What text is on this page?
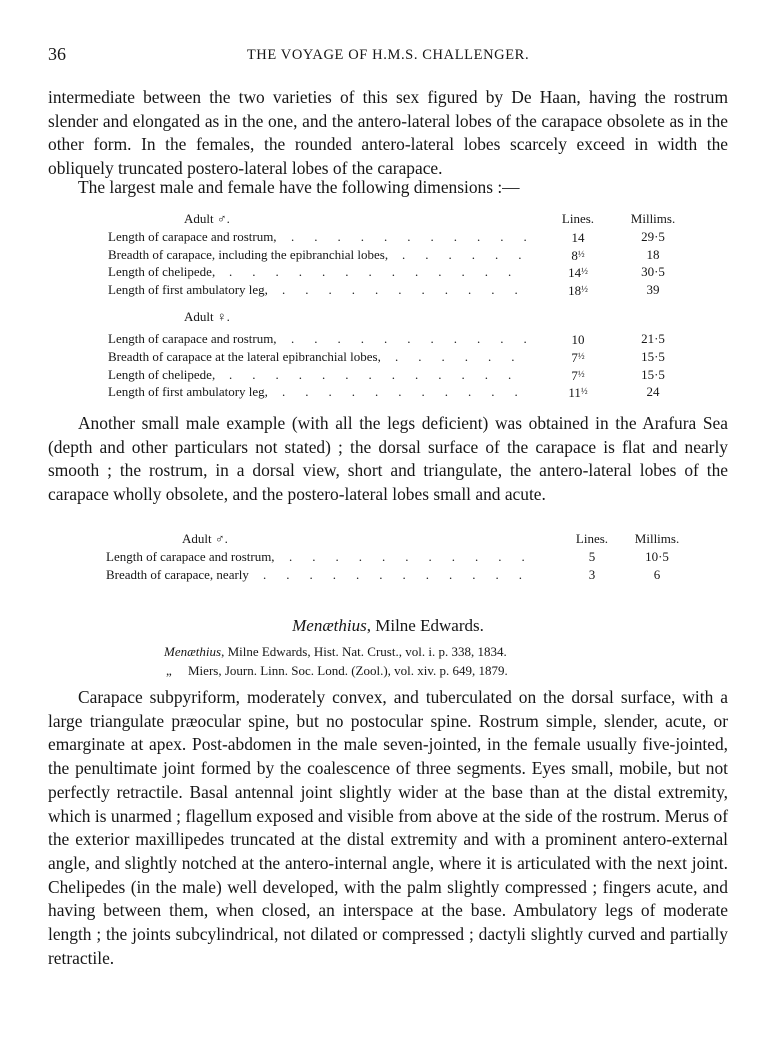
36	THE VOYAGE OF H.M.S. CHALLENGER.

intermediate between the two varieties of this sex figured by De Haan, having the rostrum slender and elongated as in the one, and the antero-lateral lobes of the carapace obsolete as in the other form. In the females, the rounded antero-lateral lobes scarcely exceed in width the obliquely truncated postero-lateral lobes of the carapace.

The largest male and female have the following dimensions :—

Adult ♂.	Lines.	Millims.
Length of carapace and rostrum, ...........	14	29·5
Breadth of carapace, including the epibranchial lobes, ......	$8^{\frac{1}{2}}$	18
Length of chelipede, .............	$14^{\frac{1}{2}}$	30·5
Length of first ambulatory leg, ...........	$18^{\frac{1}{2}}$	39
Adult ♀.
Length of carapace and rostrum, ...........	10	21·5
Breadth of carapace at the lateral epibranchial lobes, ......	$7^{\frac{1}{2}}$	15·5
Length of chelipede, .............	$7^{\frac{1}{2}}$	15·5
Length of first ambulatory leg, ...........	$11^{\frac{1}{2}}$	24

Another small male example (with all the legs deficient) was obtained in the Arafura Sea (depth and other particulars not stated) ; the dorsal surface of the carapace is flat and nearly smooth ; the rostrum, in a dorsal view, short and triangulate, the antero-lateral lobes of the carapace wholly obsolete, and the postero-lateral lobes small and acute.

Adult ♂.	Lines.	Millims.
Length of carapace and rostrum, ...........	5	10·5
Breadth of carapace, nearly ............	3	6
Menæthius, Milne Edwards.
Menæthius, Milne Edwards, Hist. Nat. Crust., vol. i. p. 338, 1834.
„ Miers, Journ. Linn. Soc. Lond. (Zool.), vol. xiv. p. 649, 1879.

Carapace subpyriform, moderately convex, and tuberculated on the dorsal surface, with a large triangulate præocular spine, but no postocular spine. Rostrum simple, slender, acute, or emarginate at apex. Post-abdomen in the male seven-jointed, in the female usually five-jointed, the penultimate joint formed by the coalescence of three segments. Eyes small, mobile, but not perfectly retractile. Basal antennal joint slightly wider at the base than at the distal extremity, which is unarmed ; flagellum exposed and visible from above at the side of the rostrum. Merus of the exterior maxillipedes truncated at the distal extremity and with a prominent antero-external angle, and slightly notched at the antero-internal angle, where it is articulated with the next joint. Chelipedes (in the male) well developed, with the palm slightly compressed ; fingers acute, and having between them, when closed, an interspace at the base. Ambulatory legs of moderate length ; the joints subcylindrical, not dilated or compressed ; dactyli slightly curved and partially retractile.
